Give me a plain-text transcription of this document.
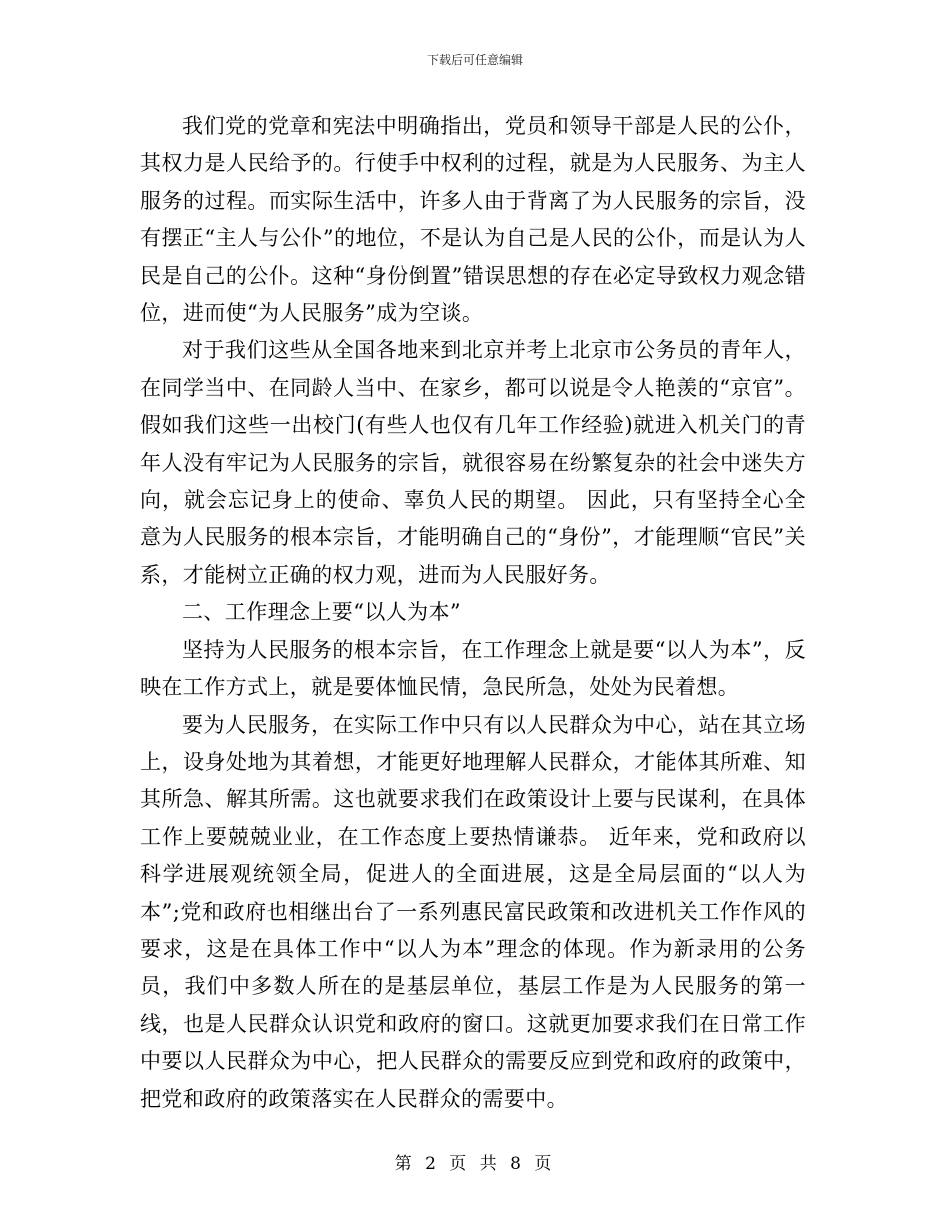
下载后可任意编辑

我们党的党章和宪法中明确指出，党员和领导干部是人民的公仆，其权力是人民给予的。行使手中权利的过程，就是为人民服务、为主人服务的过程。而实际生活中，许多人由于背离了为人民服务的宗旨，没有摆正“主人与公仆”的地位，不是认为自己是人民的公仆，而是认为人民是自己的公仆。这种“身份倒置”错误思想的存在必定导致权力观念错位，进而使“为人民服务”成为空谈。

对于我们这些从全国各地来到北京并考上北京市公务员的青年人，在同学当中、在同龄人当中、在家乡，都可以说是令人艳羡的“京官”。假如我们这些一出校门(有些人也仅有几年工作经验)就进入机关门的青年人没有牢记为人民服务的宗旨，就很容易在纷繁复杂的社会中迷失方向，就会忘记身上的使命、辜负人民的期望。 因此，只有坚持全心全意为人民服务的根本宗旨，才能明确自己的“身份”，才能理顺“官民”关系，才能树立正确的权力观，进而为人民服好务。

二、工作理念上要“以人为本”

坚持为人民服务的根本宗旨，在工作理念上就是要“以人为本”，反映在工作方式上，就是要体恤民情，急民所急，处处为民着想。

要为人民服务，在实际工作中只有以人民群众为中心，站在其立场上，设身处地为其着想，才能更好地理解人民群众，才能体其所难、知其所急、解其所需。这也就要求我们在政策设计上要与民谋利，在具体工作上要兢兢业业，在工作态度上要热情谦恭。 近年来，党和政府以科学进展观统领全局，促进人的全面进展，这是全局层面的“以人为本”;党和政府也相继出台了一系列惠民富民政策和改进机关工作作风的要求，这是在具体工作中“以人为本”理念的体现。作为新录用的公务员，我们中多数人所在的是基层单位，基层工作是为人民服务的第一线，也是人民群众认识党和政府的窗口。这就更加要求我们在日常工作中要以人民群众为中心，把人民群众的需要反应到党和政府的政策中，把党和政府的政策落实在人民群众的需要中。

第 2 页 共 8 页
